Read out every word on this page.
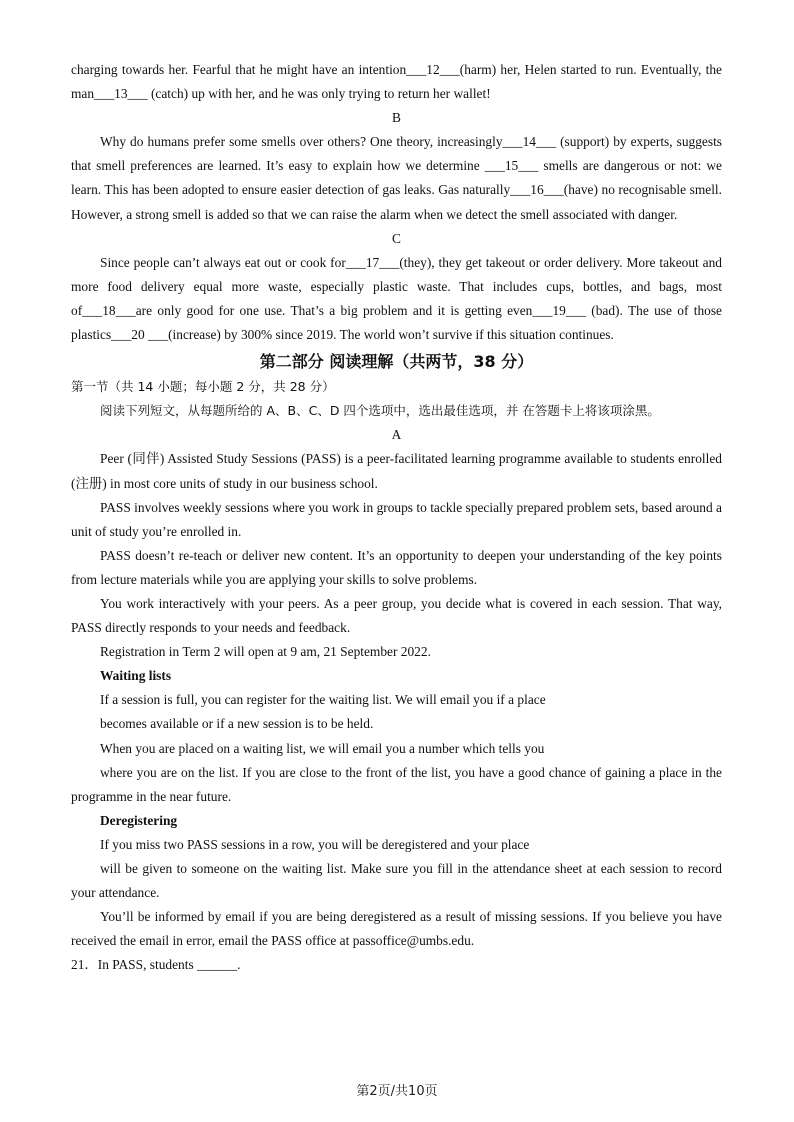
charging towards her. Fearful that he might have an intention___12___(harm) her, Helen started to run. Eventually, the man___13___ (catch) up with her, and he was only trying to return her wallet!

B

Why do humans prefer some smells over others? One theory, increasingly___14___ (support) by experts, suggests that smell preferences are learned. It’s easy to explain how we determine ___15___ smells are dangerous or not: we learn. This has been adopted to ensure easier detection of gas leaks. Gas naturally___16___(have) no recognisable smell. However, a strong smell is added so that we can raise the alarm when we detect the smell associated with danger.

C

Since people can’t always eat out or cook for___17___(they), they get takeout or order delivery. More takeout and more food delivery equal more waste, especially plastic waste. That includes cups, bottles, and bags, most of___18___are only good for one use. That’s a big problem and it is getting even___19___ (bad). The use of those plastics___20 ___(increase) by 300% since 2019. The world won’t survive if this situation continues.

第二部分 阅读理解（共两节，38 分）

第一节（共 14 小题；每小题 2 分，共 28 分）

阅读下列短文，从每题所给的 A、B、C、D 四个选项中，选出最佳选项，并 在答题卡上将该项涂黑。

A

Peer (同伴) Assisted Study Sessions (PASS) is a peer-facilitated learning programme available to students enrolled (注册) in most core units of study in our business school.

PASS involves weekly sessions where you work in groups to tackle specially prepared problem sets, based around a unit of study you’re enrolled in.

PASS doesn’t re-teach or deliver new content. It’s an opportunity to deepen your understanding of the key points from lecture materials while you are applying your skills to solve problems.

You work interactively with your peers. As a peer group, you decide what is covered in each session. That way, PASS directly responds to your needs and feedback.

Registration in Term 2 will open at 9 am, 21 September 2022.

Waiting lists

If a session is full, you can register for the waiting list. We will email you if a place

becomes available or if a new session is to be held.

When you are placed on a waiting list, we will email you a number which tells you

where you are on the list. If you are close to the front of the list, you have a good chance of gaining a place in the programme in the near future.

Deregistering

If you miss two PASS sessions in a row, you will be deregistered and your place

will be given to someone on the waiting list. Make sure you fill in the attendance sheet at each session to record your attendance.

You’ll be informed by email if you are being deregistered as a result of missing sessions. If you believe you have received the email in error, email the PASS office at passoffice@umbs.edu.

21．In PASS, students ______.

第2页/共10页
